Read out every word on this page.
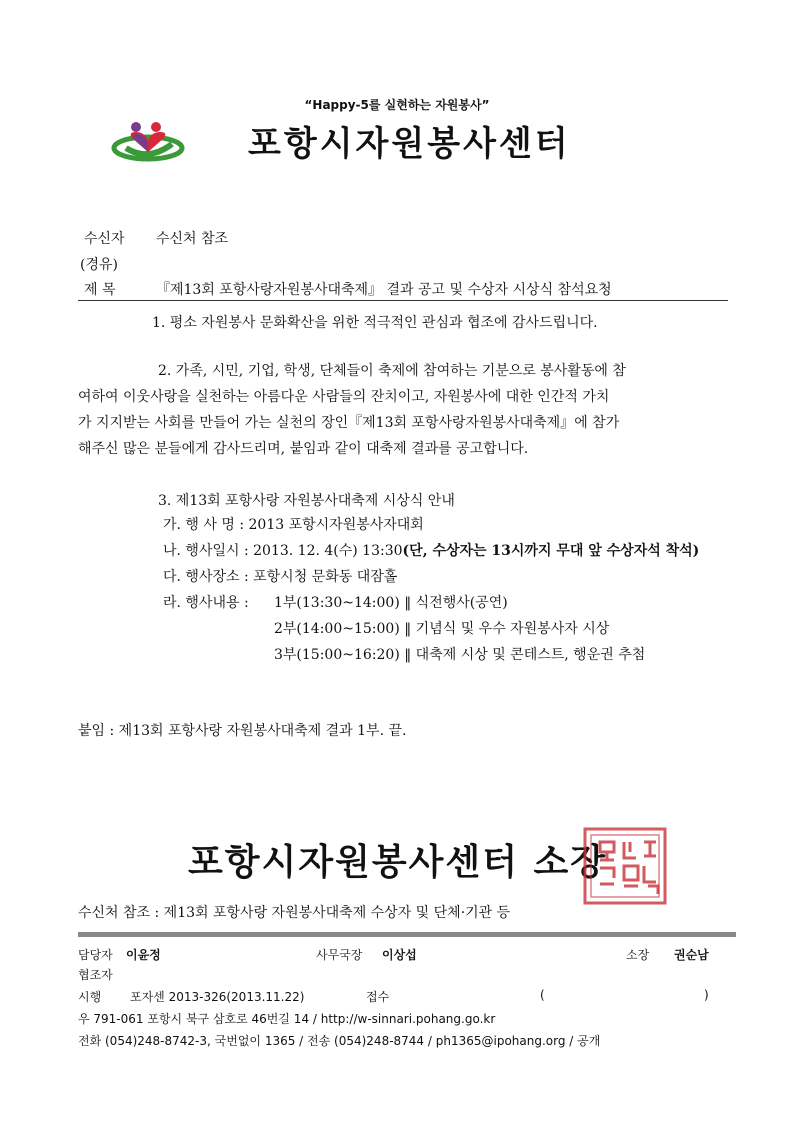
“Happy-5를 실현하는 자원봉사”
포항시자원봉사센터
수신자 수신처 참조
(경유)
제 목	『제13회 포항사랑자원봉사대축제』 결과 공고 및 수상자 시상식 참석요청
1. 평소 자원봉사 문화확산을 위한 적극적인 관심과 협조에 감사드립니다.
2. 가족, 시민, 기업, 학생, 단체들이 축제에 참여하는 기분으로 봉사활동에 참
여하여 이웃사랑을 실천하는 아름다운 사람들의 잔치이고, 자원봉사에 대한 인간적 가치
가 지지받는 사회를 만들어 가는 실천의 장인『제13회 포항사랑자원봉사대축제』에 참가
해주신 많은 분들에게 감사드리며, 붙임과 같이 대축제 결과를 공고합니다.
3. 제13회 포항사랑 자원봉사대축제 시상식 안내
가. 행 사 명 : 2013 포항시자원봉사자대회
나. 행사일시 : 2013. 12. 4(수) 13:30(단, 수상자는 13시까지 무대 앞 수상자석 착석)
다. 행사장소 : 포항시청 문화동 대잠홀
라. 행사내용 : 1부(13:30~14:00) ‖ 식전행사(공연)
2부(14:00~15:00) ‖ 기념식 및 우수 자원봉사자 시상
3부(15:00~16:20) ‖ 대축제 시상 및 콘테스트, 행운권 추첨
붙임 : 제13회 포항사랑 자원봉사대축제 결과 1부. 끝.
포항시자원봉사센터 소장
수신처 참조 : 제13회 포항사랑 자원봉사대축제 수상자 및 단체·기관 등
담당자 이윤정	사무국장 이상섭	소장 권순남
협조자
시행 포자센 2013-326(2013.11.22)	접수	(	)
우 791-061 포항시 북구 삼호로 46번길 14 / http://w-sinnari.pohang.go.kr
전화 (054)248-8742-3, 국번없이 1365 / 전송 (054)248-8744 / ph1365@ipohang.org / 공개
